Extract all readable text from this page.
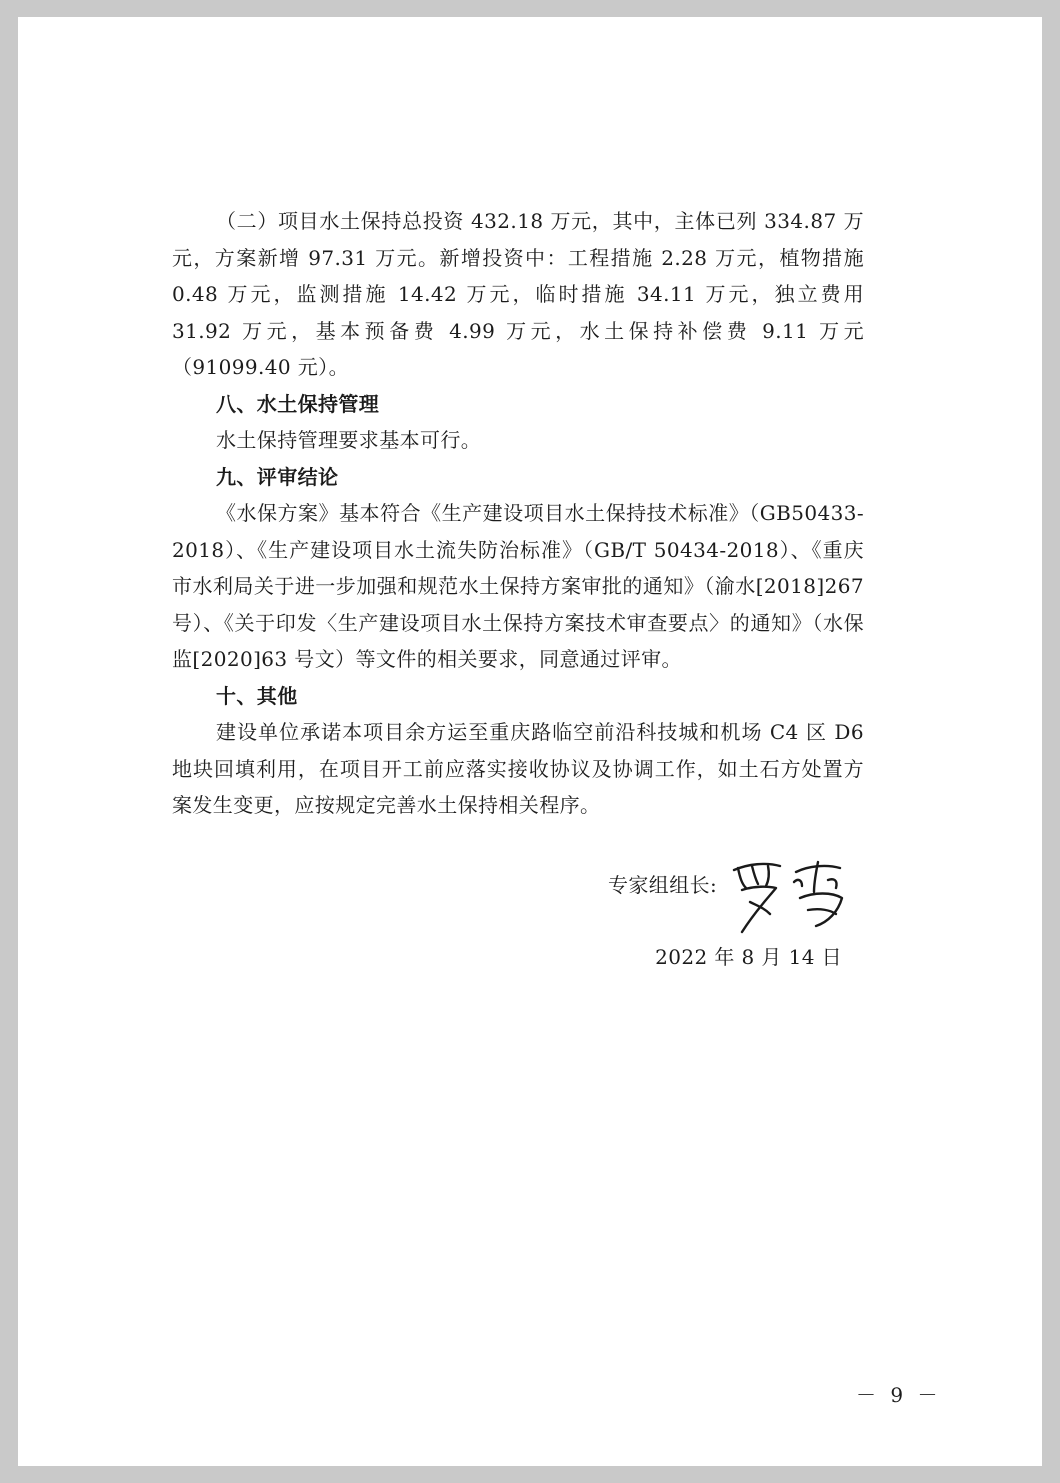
（二）项目水土保持总投资 432.18 万元，其中，主体已列 334.87 万元，方案新增 97.31 万元。新增投资中：工程措施 2.28 万元，植物措施 0.48 万元，监测措施 14.42 万元，临时措施 34.11 万元，独立费用 31.92 万元，基本预备费 4.99 万元，水土保持补偿费 9.11 万元（91099.40 元）。

八、水土保持管理

水土保持管理要求基本可行。

九、评审结论

《水保方案》基本符合《生产建设项目水土保持技术标准》（GB50433-2018）、《生产建设项目水土流失防治标准》（GB/T 50434-2018）、《重庆市水利局关于进一步加强和规范水土保持方案审批的通知》（渝水[2018]267 号）、《关于印发〈生产建设项目水土保持方案技术审查要点〉的通知》（水保监[2020]63 号文）等文件的相关要求，同意通过评审。

十、其他

建设单位承诺本项目余方运至重庆路临空前沿科技城和机场 C4 区 D6 地块回填利用，在项目开工前应落实接收协议及协调工作，如土石方处置方案发生变更，应按规定完善水土保持相关程序。

专家组组长:
2022 年 8 月 14 日
－ 9 －
